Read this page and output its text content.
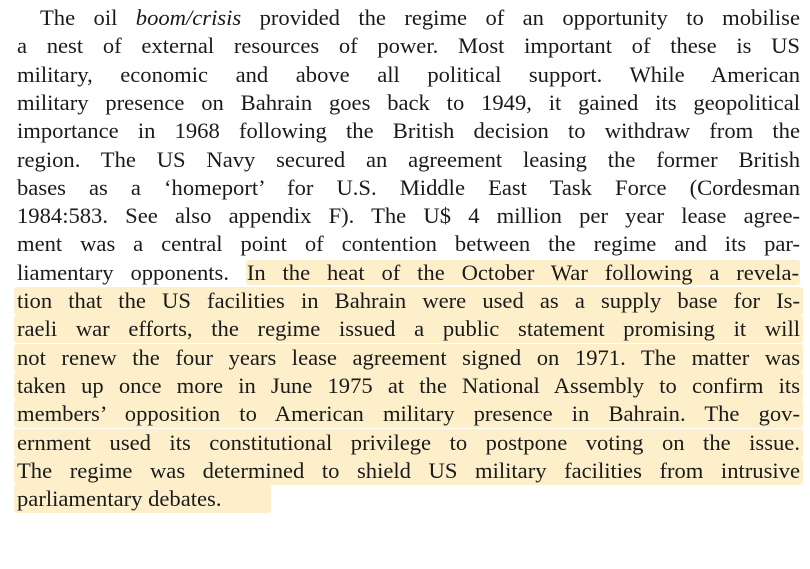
The oil boom/crisis provided the regime of an opportunity to mobilise
a nest of external resources of power. Most important of these is US
military, economic and above all political support. While American
military presence on Bahrain goes back to 1949, it gained its geopolitical
importance in 1968 following the British decision to withdraw from the
region. The US Navy secured an agreement leasing the former British
bases as a ‘homeport’ for U.S. Middle East Task Force (Cordesman
1984:583. See also appendix F). The U$ 4 million per year lease agree-
ment was a central point of contention between the regime and its par-
liamentary opponents. In the heat of the October War following a revela-
tion that the US facilities in Bahrain were used as a supply base for Is-
raeli war efforts, the regime issued a public statement promising it will
not renew the four years lease agreement signed on 1971. The matter was
taken up once more in June 1975 at the National Assembly to confirm its
members’ opposition to American military presence in Bahrain. The gov-
ernment used its constitutional privilege to postpone voting on the issue.
The regime was determined to shield US military facilities from intrusive
parliamentary debates.
